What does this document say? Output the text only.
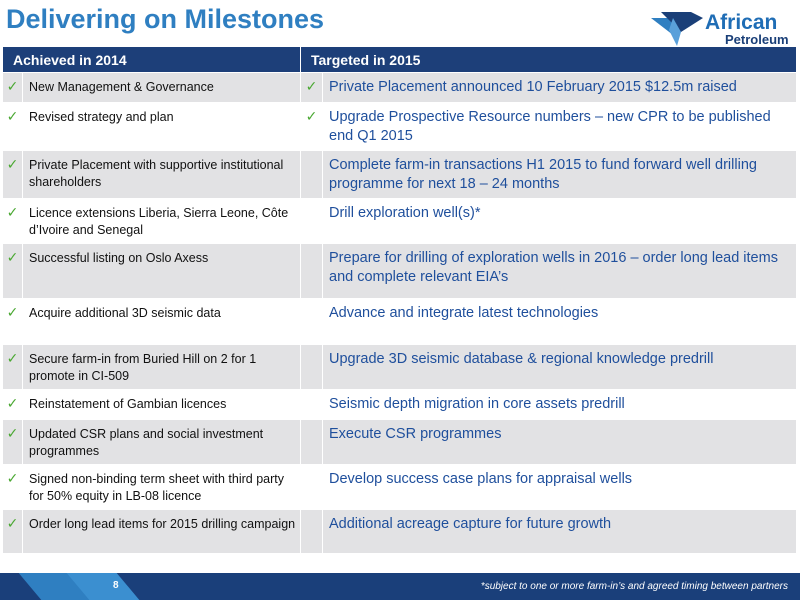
Delivering on Milestones	African
Petroleum
Achieved in 2014		Targeted in 2015	
✓	New Management & Governance	✓	Private Placement announced 10 February 2015 $12.5m raised
✓	Revised strategy and plan	✓	Upgrade Prospective Resource numbers – new CPR to be published end Q1 2015
✓	Private Placement with supportive institutional shareholders		Complete farm-in transactions H1 2015 to fund forward well drilling programme for next 18 – 24 months
✓	Licence extensions Liberia, Sierra Leone, Côte d’Ivoire and Senegal		Drill exploration well(s)*
✓	Successful listing on Oslo Axess		Prepare for drilling of exploration wells in 2016 – order long lead items and complete relevant EIA’s
✓	Acquire additional 3D seismic data		Advance and integrate latest technologies
✓	Secure farm-in from Buried Hill on 2 for 1 promote in CI-509		Upgrade 3D seismic database & regional knowledge predrill
✓	Reinstatement of Gambian licences		Seismic depth migration in core assets predrill
✓	Updated CSR plans and social investment programmes		Execute CSR programmes
✓	Signed non-binding term sheet with third party for 50% equity in LB-08 licence		Develop success case plans for appraisal wells
✓	Order long lead items for 2015 drilling campaign		Additional acreage capture for future growth
8	*subject to one or more farm-in’s and agreed timing between partners
